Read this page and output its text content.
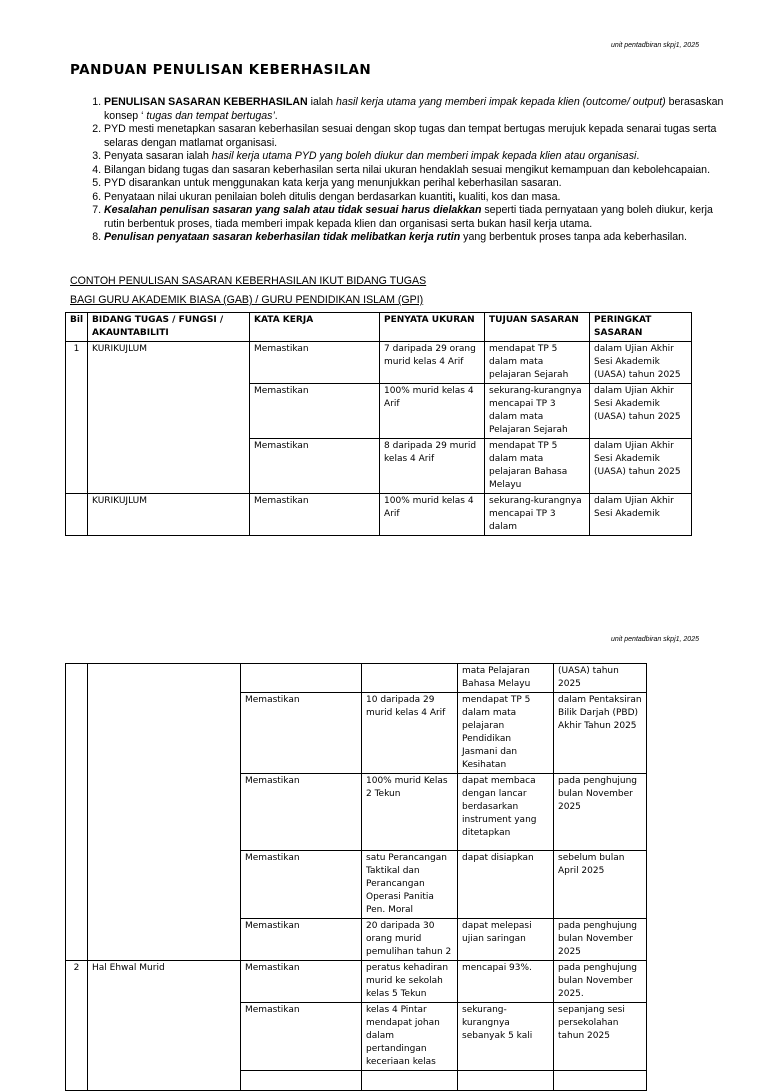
unit pentadbiran skpj1, 2025
PANDUAN PENULISAN KEBERHASILAN
1. PENULISAN SASARAN KEBERHASILAN ialah hasil kerja utama yang memberi impak kepada klien (outcome/ output) berasaskan konsep ‘ tugas dan tempat bertugas’.
2. PYD mesti menetapkan sasaran keberhasilan sesuai dengan skop tugas dan tempat bertugas merujuk kepada senarai tugas serta selaras dengan matlamat organisasi.
3. Penyata sasaran ialah hasil kerja utama PYD yang boleh diukur dan memberi impak kepada klien atau organisasi.
4. Bilangan bidang tugas dan sasaran keberhasilan serta nilai ukuran hendaklah sesuai mengikut kemampuan dan kebolehcapaian.
5. PYD disarankan untuk menggunakan kata kerja yang menunjukkan perihal keberhasilan sasaran.
6. Penyataan nilai ukuran penilaian boleh ditulis dengan berdasarkan kuantiti, kualiti, kos dan masa.
7. Kesalahan penulisan sasaran yang salah atau tidak sesuai harus dielakkan seperti tiada pernyataan yang boleh diukur, kerja rutin berbentuk proses, tiada memberi impak kepada klien dan organisasi serta bukan hasil kerja utama.
8. Penulisan penyataan sasaran keberhasilan tidak melibatkan kerja rutin yang berbentuk proses tanpa ada keberhasilan.
CONTOH PENULISAN SASARAN KEBERHASILAN IKUT BIDANG TUGAS
BAGI GURU AKADEMIK BIASA (GAB) / GURU PENDIDIKAN ISLAM (GPI)
Bil	BIDANG TUGAS / FUNGSI / AKAUNTABILITI	KATA KERJA	PENYATA UKURAN	TUJUAN SASARAN	PERINGKAT SASARAN
1	KURIKUJLUM	Memastikan	7 daripada 29 orang murid kelas 4 Arif	mendapat TP 5 dalam mata pelajaran Sejarah	dalam Ujian Akhir Sesi Akademik (UASA) tahun 2025
		Memastikan	100% murid kelas 4 Arif	sekurang-kurangnya mencapai TP 3 dalam mata Pelajaran Sejarah	dalam Ujian Akhir Sesi Akademik (UASA) tahun 2025
		Memastikan	8 daripada 29 murid kelas 4 Arif	mendapat TP 5 dalam mata pelajaran Bahasa Melayu	dalam Ujian Akhir Sesi Akademik (UASA) tahun 2025
	KURIKUJLUM	Memastikan	100% murid kelas 4 Arif	sekurang-kurangnya mencapai TP 3 dalam	dalam Ujian Akhir Sesi Akademik
unit pentadbiran skpj1, 2025
				mata Pelajaran Bahasa Melayu	(UASA) tahun 2025
		Memastikan	10 daripada 29 murid kelas 4 Arif	mendapat TP 5 dalam mata pelajaran Pendidikan Jasmani dan Kesihatan	dalam Pentaksiran Bilik Darjah (PBD) Akhir Tahun 2025
		Memastikan	100% murid Kelas 2 Tekun	dapat membaca dengan lancar berdasarkan instrument yang ditetapkan	pada penghujung bulan November 2025
		Memastikan	satu Perancangan Taktikal dan Perancangan Operasi Panitia Pen. Moral	dapat disiapkan	sebelum bulan April 2025
		Memastikan	20 daripada 30 orang murid pemulihan tahun 2	dapat melepasi ujian saringan	pada penghujung bulan November 2025
2	Hal Ehwal Murid	Memastikan	peratus kehadiran murid ke sekolah kelas 5 Tekun	mencapai 93%.	pada penghujung bulan November 2025.
		Memastikan	kelas 4 Pintar mendapat johan dalam pertandingan keceriaan kelas	sekurang-kurangnya sebanyak 5 kali	sepanjang sesi persekolahan tahun 2025
